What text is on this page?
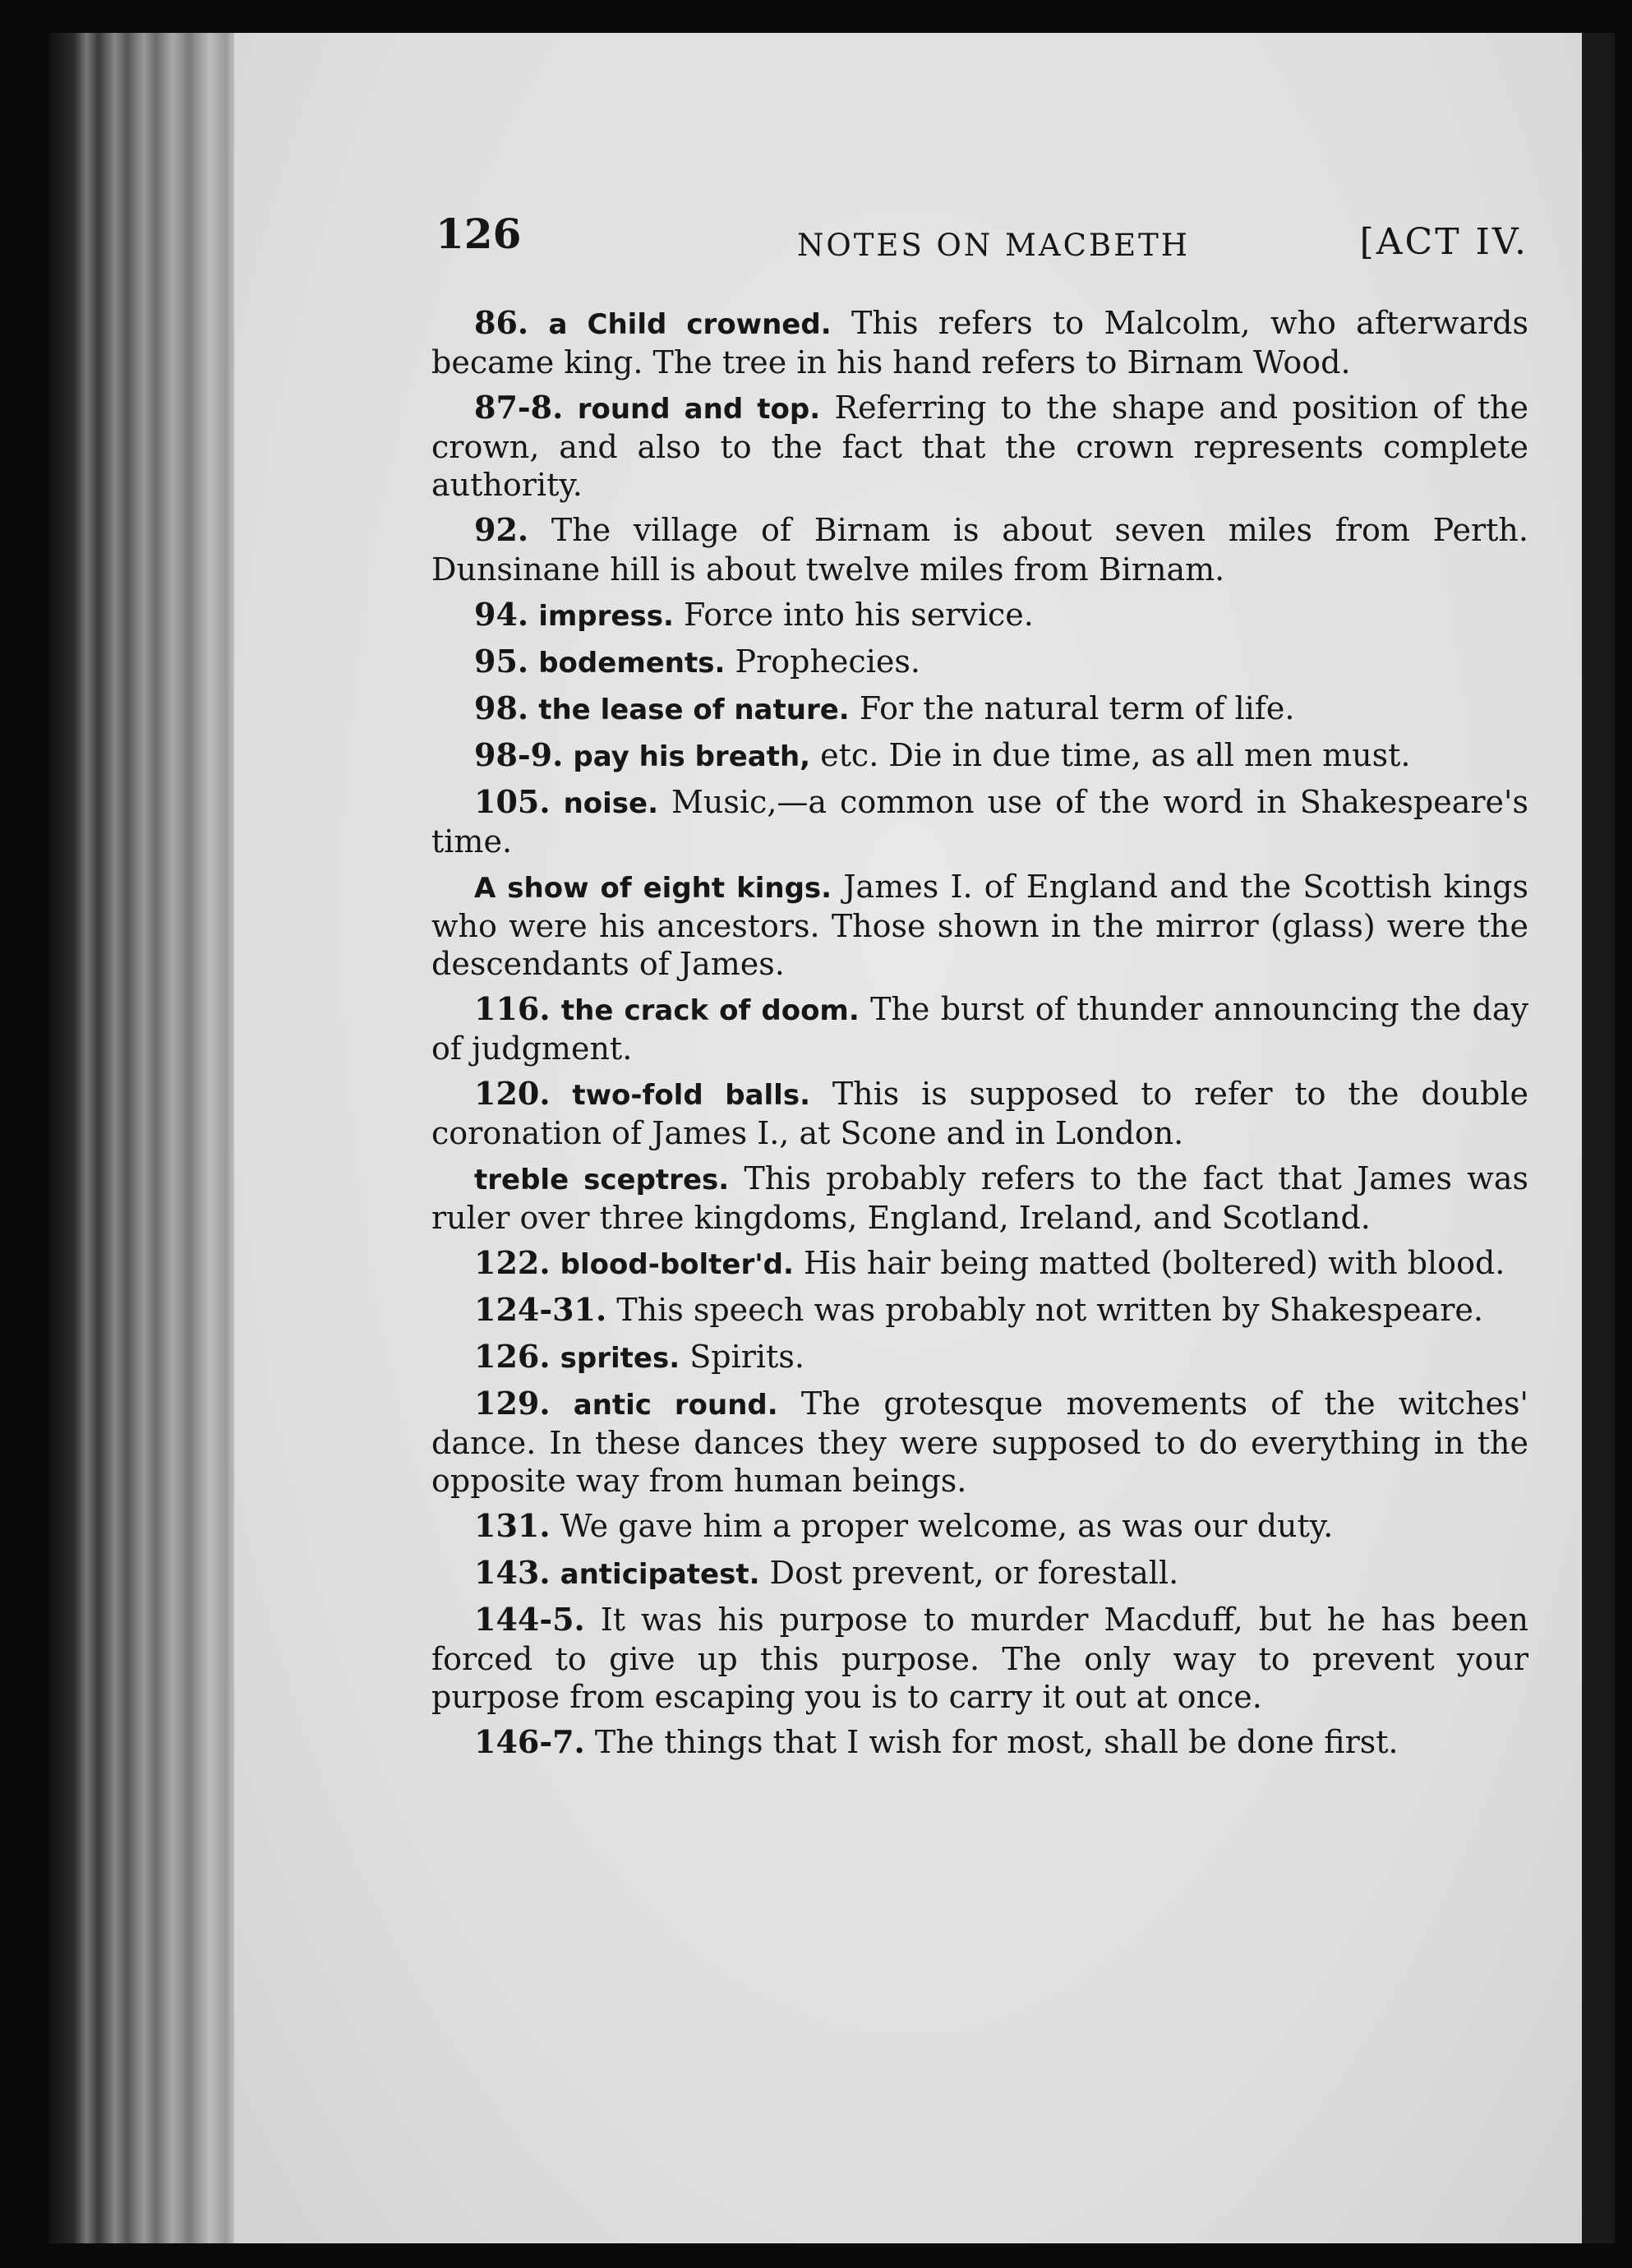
126	NOTES ON MACBETH	[ACT IV.

86. a Child crowned. This refers to Malcolm, who afterwards became king. The tree in his hand refers to Birnam Wood.

87-8. round and top. Referring to the shape and position of the crown, and also to the fact that the crown represents complete authority.

92. The village of Birnam is about seven miles from Perth. Dunsinane hill is about twelve miles from Birnam.

94. impress. Force into his service.

95. bodements. Prophecies.

98. the lease of nature. For the natural term of life.

98-9. pay his breath, etc. Die in due time, as all men must.

105. noise. Music,—a common use of the word in Shakespeare's time.

A show of eight kings. James I. of England and the Scottish kings who were his ancestors. Those shown in the mirror (glass) were the descendants of James.

116. the crack of doom. The burst of thunder announcing the day of judgment.

120. two-fold balls. This is supposed to refer to the double coronation of James I., at Scone and in London.

treble sceptres. This probably refers to the fact that James was ruler over three kingdoms, England, Ireland, and Scotland.

122. blood-bolter'd. His hair being matted (boltered) with blood.

124-31. This speech was probably not written by Shakespeare.

126. sprites. Spirits.

129. antic round. The grotesque movements of the witches' dance. In these dances they were supposed to do everything in the opposite way from human beings.

131. We gave him a proper welcome, as was our duty.

143. anticipatest. Dost prevent, or forestall.

144-5. It was his purpose to murder Macduff, but he has been forced to give up this purpose. The only way to prevent your purpose from escaping you is to carry it out at once.

146-7. The things that I wish for most, shall be done first.
